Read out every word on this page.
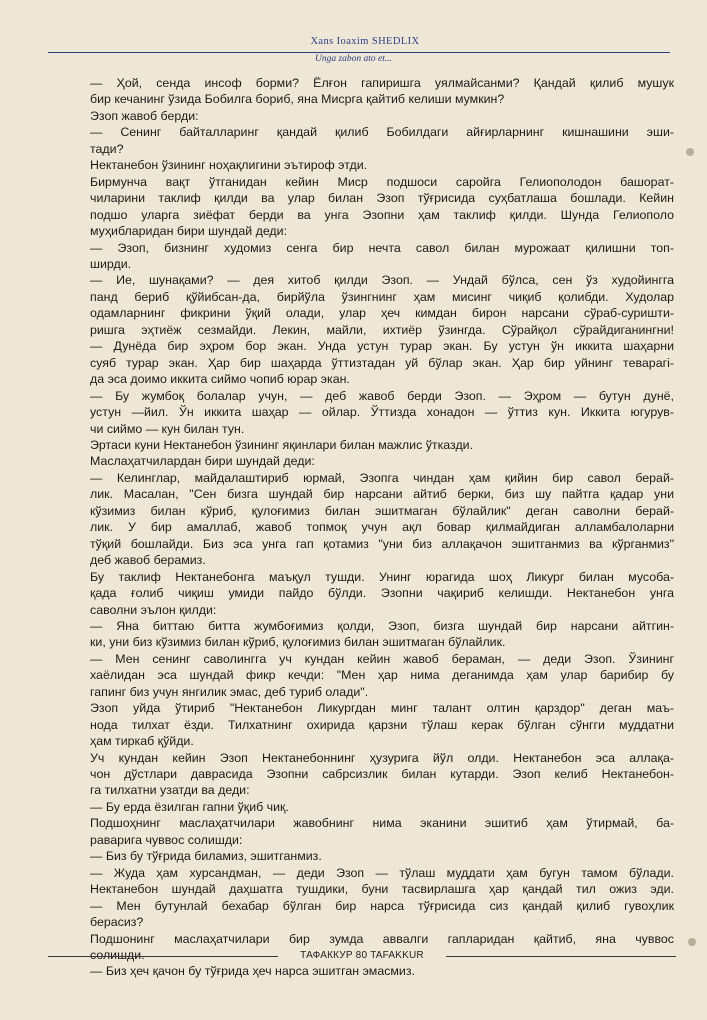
Xans Ioaxim SHEDLIX
Unga zabon ato et...
— Ҳой, сенда инсоф борми? Ёлғон гапиришга уялмайсанми? Қандай қилиб мушук
бир кечанинг ўзида Бобилга бориб, яна Мисрга қайтиб келиши мумкин?
Эзоп жавоб берди:
— Сенинг байталларинг қандай қилиб Бобилдаги айғирларнинг кишнашини эши-
тади?
Нектанебон ўзининг ноҳақлигини эътироф этди.
Бирмунча вақт ўтганидан кейин Миср подшоси саройга Гелиополодон башорат-
чиларини таклиф қилди ва улар билан Эзоп тўғрисида суҳбатлаша бошлади. Кейин
подшо уларга зиёфат берди ва унга Эзопни ҳам таклиф қилди. Шунда Гелиополо
муҳибларидан бири шундай деди:
— Эзоп, бизнинг худомиз сенга бир нечта савол билан мурожаат қилишни топ-
ширди.
— Ие, шунақами? — дея хитоб қилди Эзоп. — Ундай бўлса, сен ўз худойингга
панд бериб қўйибсан-да, бирйўла ўзингнинг ҳам мисинг чиқиб қолибди. Худолар
одамларнинг фикрини ўқий олади, улар ҳеч кимдан бирон нарсани сўраб-суришти-
ришга эҳтиёж сезмайди. Лекин, майли, ихтиёр ўзингда. Сўрайқол сўрайдиганингни!
— Дунёда бир эҳром бор экан. Унда устун турар экан. Бу устун ўн иккита шаҳарни
суяб турар экан. Ҳар бир шаҳарда ўттизтадан уй бўлар экан. Ҳар бир уйнинг теварагi-
да эса доимо иккита сиймо чопиб юрар экан.
— Бу жумбоқ болалар учун, — деб жавоб берди Эзоп. — Эҳром — бутун дунё,
устун —йил. Ўн иккита шаҳар — ойлар. Ўттизда хонадон — ўттиз кун. Иккита югурув-
чи сиймо — кун билан тун.
Эртаси куни Нектанебон ўзининг яқинлари билан мажлис ўтказди.
Маслаҳатчилардан бири шундай деди:
— Келинглар, майдалаштириб юрмай, Эзопга чиндан ҳам қийин бир савол берай-
лик. Масалан, "Сен бизга шундай бир нарсани айтиб берки, биз шу пайтга қадар уни
кўзимиз билан кўриб, қулоғимиз билан эшитмаган бўлайлик" деган саволни берай-
лик. У бир амаллаб, жавоб топмоқ учун ақл бовар қилмайдиган алламбалоларни
тўқий бошлайди. Биз эса унга гап қотамиз "уни биз аллақачон эшитганмиз ва кўрганмиз"
деб жавоб берамиз.
Бу таклиф Нектанебонга маъқул тушди. Унинг юрагида шоҳ Ликург билан мусоба-
қада ғолиб чиқиш умиди пайдо бўлди. Эзопни чақириб келишди. Нектанебон унга
саволни эълон қилди:
— Яна биттаю битта жумбоғимиз қолди, Эзоп, бизга шундай бир нарсани айтгин-
ки, уни биз кўзимиз билан кўриб, қулоғимиз билан эшитмаган бўлайлик.
— Мен сенинг саволингга уч кундан кейин жавоб бераман, — деди Эзоп. Ўзининг
хаёлидан эса шундай фикр кечди: "Мен ҳар нима деганимда ҳам улар барибир бу
гапинг биз учун янгилик эмас, деб туриб олади".
Эзоп уйда ўтириб "Нектанебон Ликургдан минг талант олтин қарздор" деган маъ-
нода тилхат ёзди. Тилхатнинг охирида қарзни тўлаш керак бўлган сўнгги муддатни
ҳам тиркаб қўйди.
Уч кундан кейин Эзоп Нектанебоннинг ҳузурига йўл олди. Нектанебон эса аллақа-
чон дўстлари даврасида Эзопни сабрсизлик билан кутарди. Эзоп келиб Нектанебон-
га тилхатни узатди ва деди:
— Бу ерда ёзилган гапни ўқиб чиқ.
Подшоҳнинг маслаҳатчилари жавобнинг нима эканини эшитиб ҳам ўтирмай, ба-
раварига чуввос солишди:
— Биз бу тўғрида биламиз, эшитганмиз.
— Жуда ҳам хурсандман, — деди Эзоп — тўлаш муддати ҳам бугун тамом бўлади.
Нектанебон шундай даҳшатга тушдики, буни тасвирлашга ҳар қандай тил ожиз эди.
— Мен бутунлай бехабар бўлган бир нарса тўғрисида сиз қандай қилиб гувоҳлик
берасиз?
Подшонинг маслаҳатчилари бир зумда аввалги гапларидан қайтиб, яна чуввос
солишди.
— Биз ҳеч қачон бу тўғрида ҳеч нарса эшитган эмасмиз.
ТАФАККУР 80 TAFAKKUR
